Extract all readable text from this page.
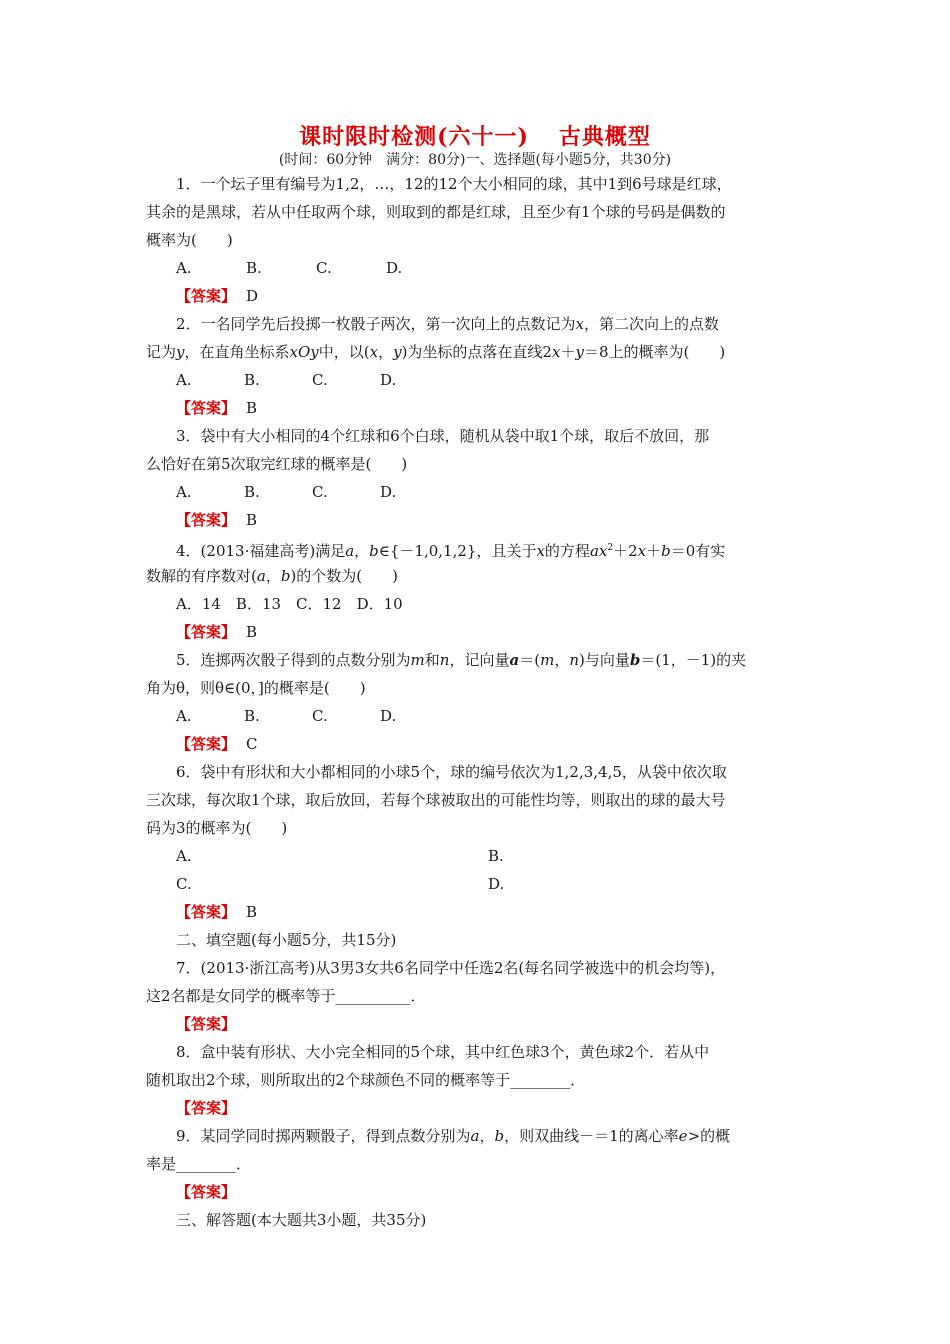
课时限时检测(六十一) 古典概型
(时间：60分钟　满分：80分)一、选择题(每小题5分，共30分)
1．一个坛子里有编号为1,2，…，12的12个大小相同的球，其中1到6号球是红球，
其余的是黑球，若从中任取两个球，则取到的都是红球，且至少有1个球的号码是偶数的
概率为(　　)
A.	B.	C.	D.
【答案】 D
2．一名同学先后投掷一枚骰子两次，第一次向上的点数记为x，第二次向上的点数
记为y，在直角坐标系xOy中，以(x，y)为坐标的点落在直线2x＋y＝8上的概率为(　　)
A.	B.	C.	D.
【答案】 B
3．袋中有大小相同的4个红球和6个白球，随机从袋中取1个球，取后不放回，那
么恰好在第5次取完红球的概率是(　　)
A.	B.	C.	D.
【答案】 B
4．(2013·福建高考)满足a，b∈{－1,0,1,2}，且关于x的方程$ax^2+2x+b=0$有实
数解的有序数对(a，b)的个数为(　　)
A．14　B．13　C．12　D．10
【答案】 B
5．连掷两次骰子得到的点数分别为m和n，记向量a＝(m，n)与向量b＝(1，－1)的夹
角为θ，则θ∈(0，]的概率是(　　)
A.	B.	C.	D.
【答案】 C
6．袋中有形状和大小都相同的小球5个，球的编号依次为1,2,3,4,5，从袋中依次取
三次球，每次取1个球，取后放回，若每个球被取出的可能性均等，则取出的球的最大号
码为3的概率为(　　)
A.	B.
C.	D.
【答案】 B
二、填空题(每小题5分，共15分)
7．(2013·浙江高考)从3男3女共6名同学中任选2名(每名同学被选中的机会均等)，
这2名都是女同学的概率等于__________．
【答案】
8．盒中装有形状、大小完全相同的5个球，其中红色球3个，黄色球2个．若从中
随机取出2个球，则所取出的2个球颜色不同的概率等于________．
【答案】
9．某同学同时掷两颗骰子，得到点数分别为a，b，则双曲线－＝1的离心率e>的概
率是________．
【答案】
三、解答题(本大题共3小题，共35分)
